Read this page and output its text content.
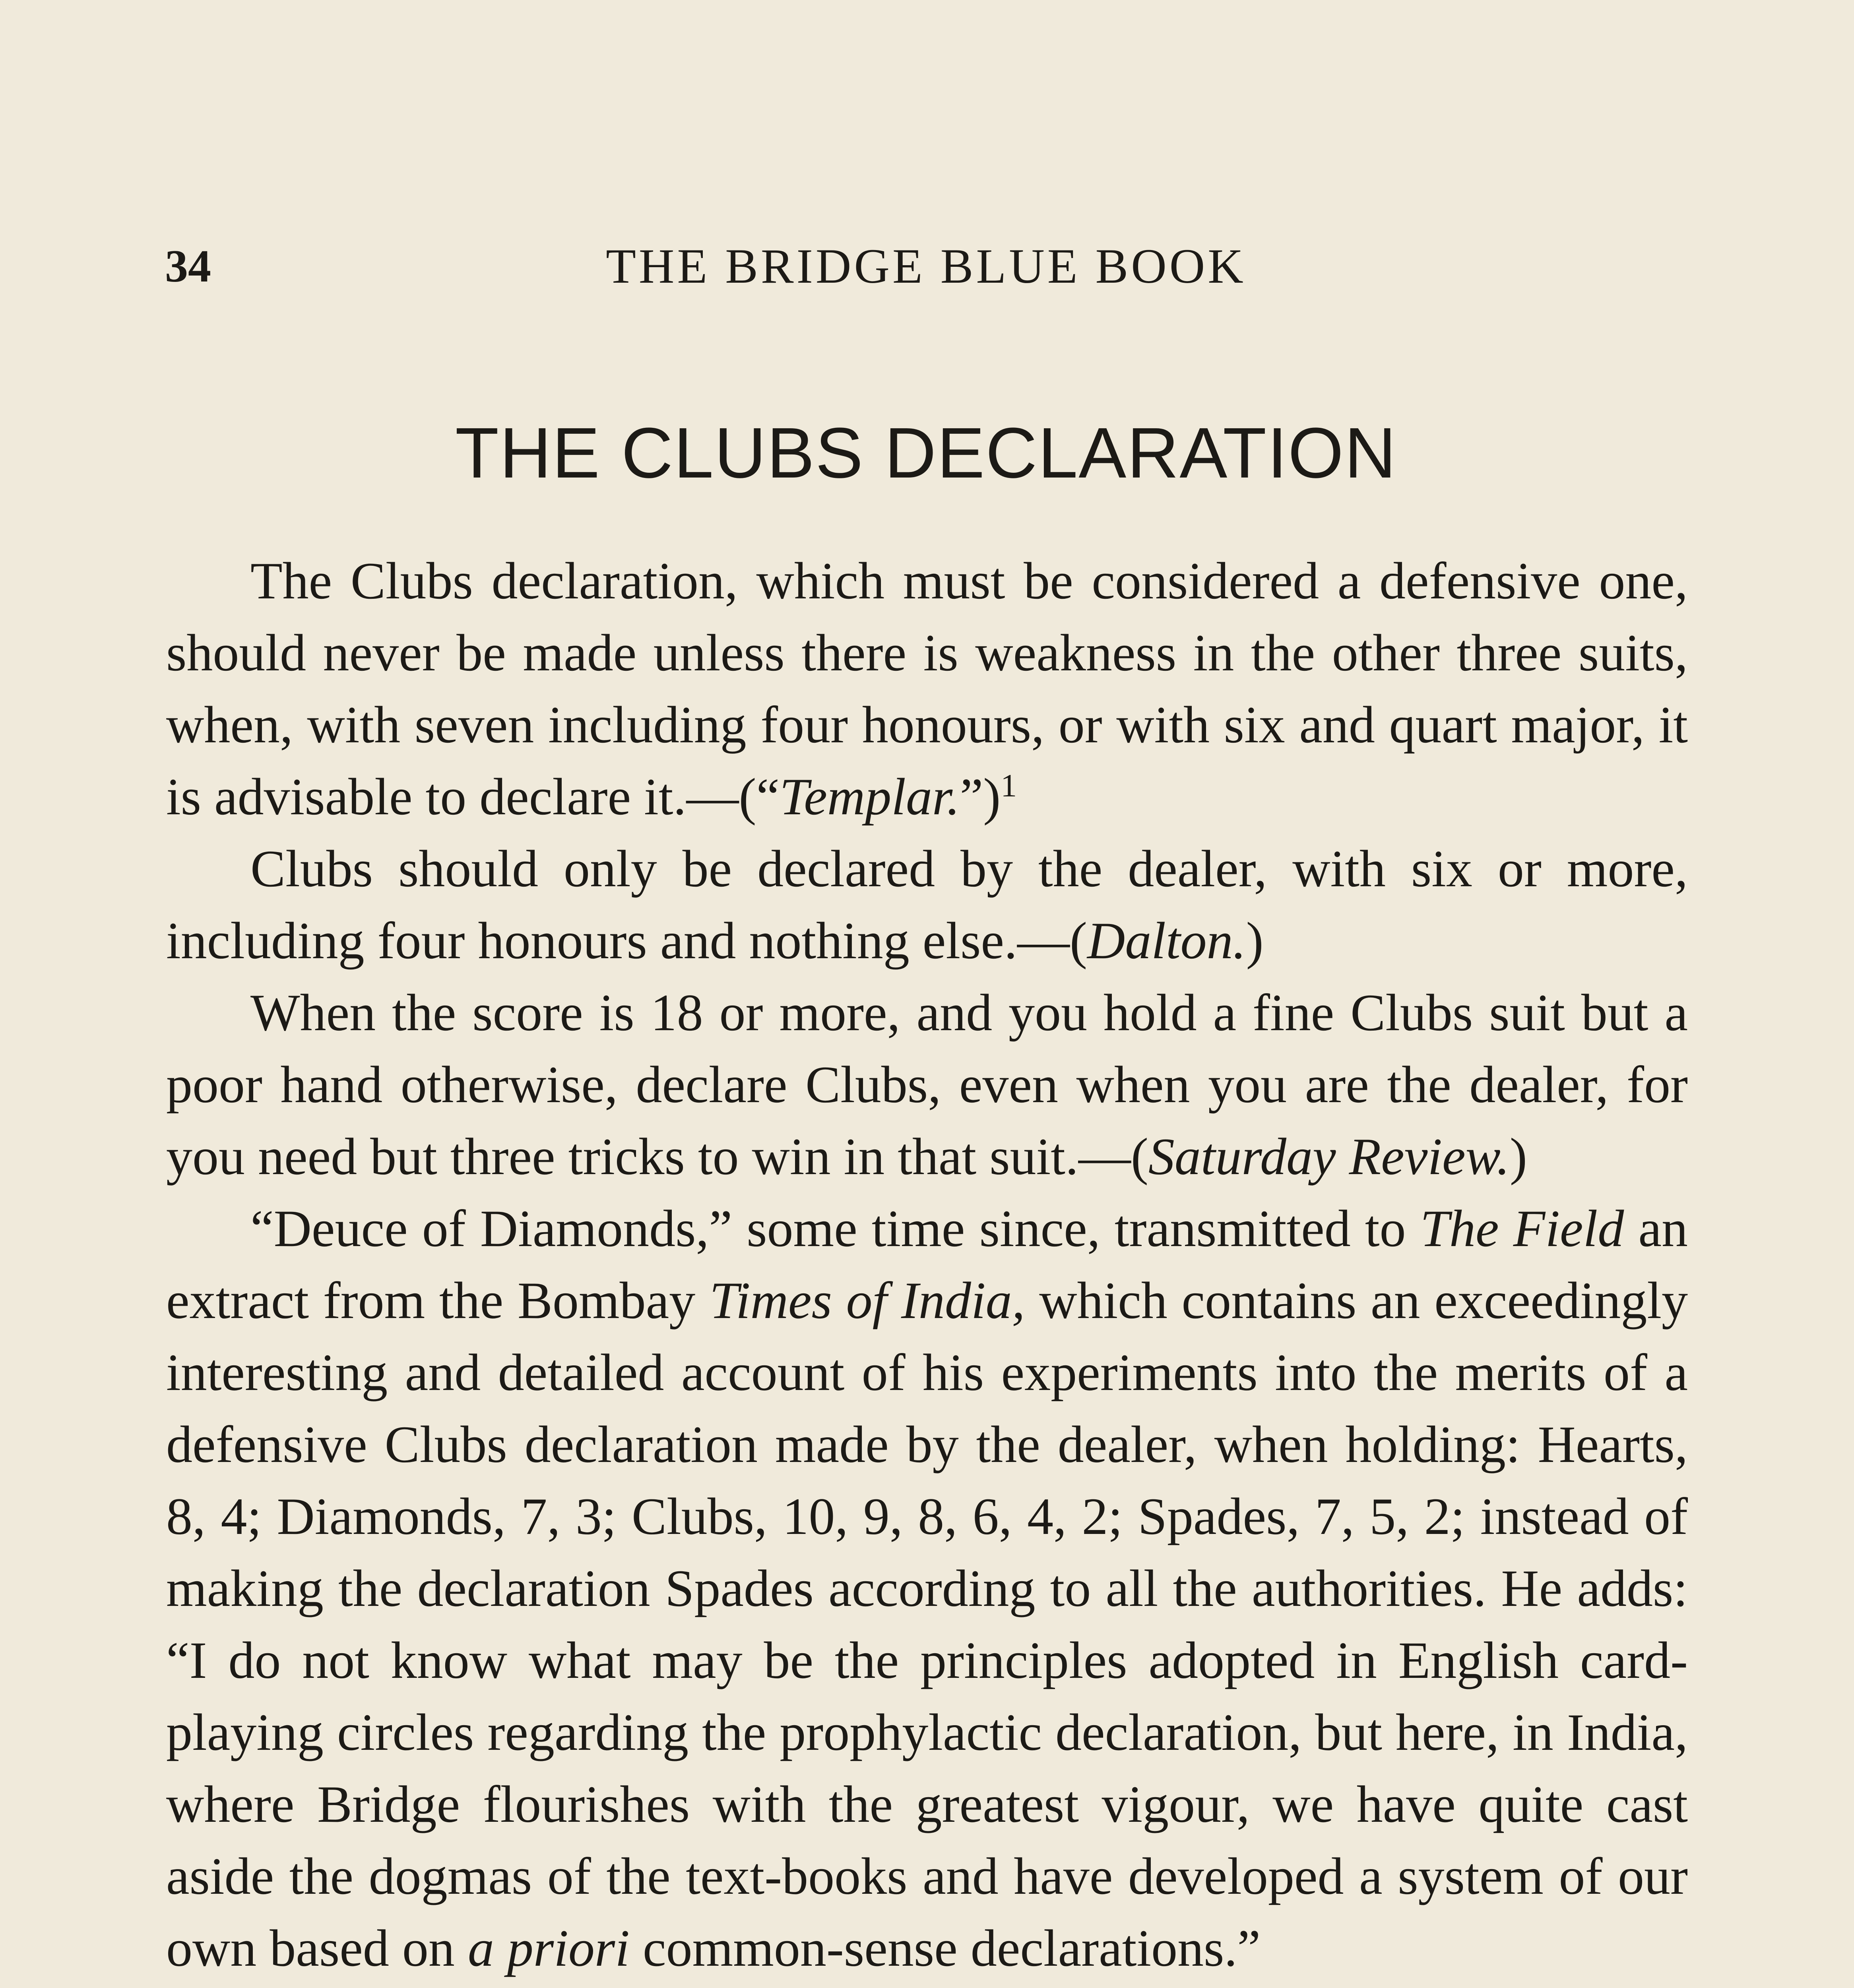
34	THE BRIDGE BLUE BOOK
THE CLUBS DECLARATION

The Clubs declaration, which must be considered a defensive one, should never be made unless there is weakness in the other three suits, when, with seven including four honours, or with six and quart major, it is advisable to declare it.—(“Templar.”)$^1$

Clubs should only be declared by the dealer, with six or more, including four honours and nothing else.—(Dalton.)

When the score is 18 or more, and you hold a fine Clubs suit but a poor hand otherwise, declare Clubs, even when you are the dealer, for you need but three tricks to win in that suit.—(Saturday Review.)

“Deuce of Diamonds,” some time since, transmitted to The Field an extract from the Bombay Times of India, which contains an exceedingly interesting and detailed account of his experiments into the merits of a defensive Clubs declaration made by the dealer, when holding: Hearts, 8, 4; Diamonds, 7, 3; Clubs, 10, 9, 8, 6, 4, 2; Spades, 7, 5, 2; instead of making the declaration Spades according to all the authorities. He adds: “I do not know what may be the principles adopted in English card-playing circles regarding the prophylactic declaration, but here, in India, where Bridge flourishes with the greatest vigour, we have quite cast aside the dogmas of the text-books and have developed a system of our own based on a priori common-sense declarations.”
